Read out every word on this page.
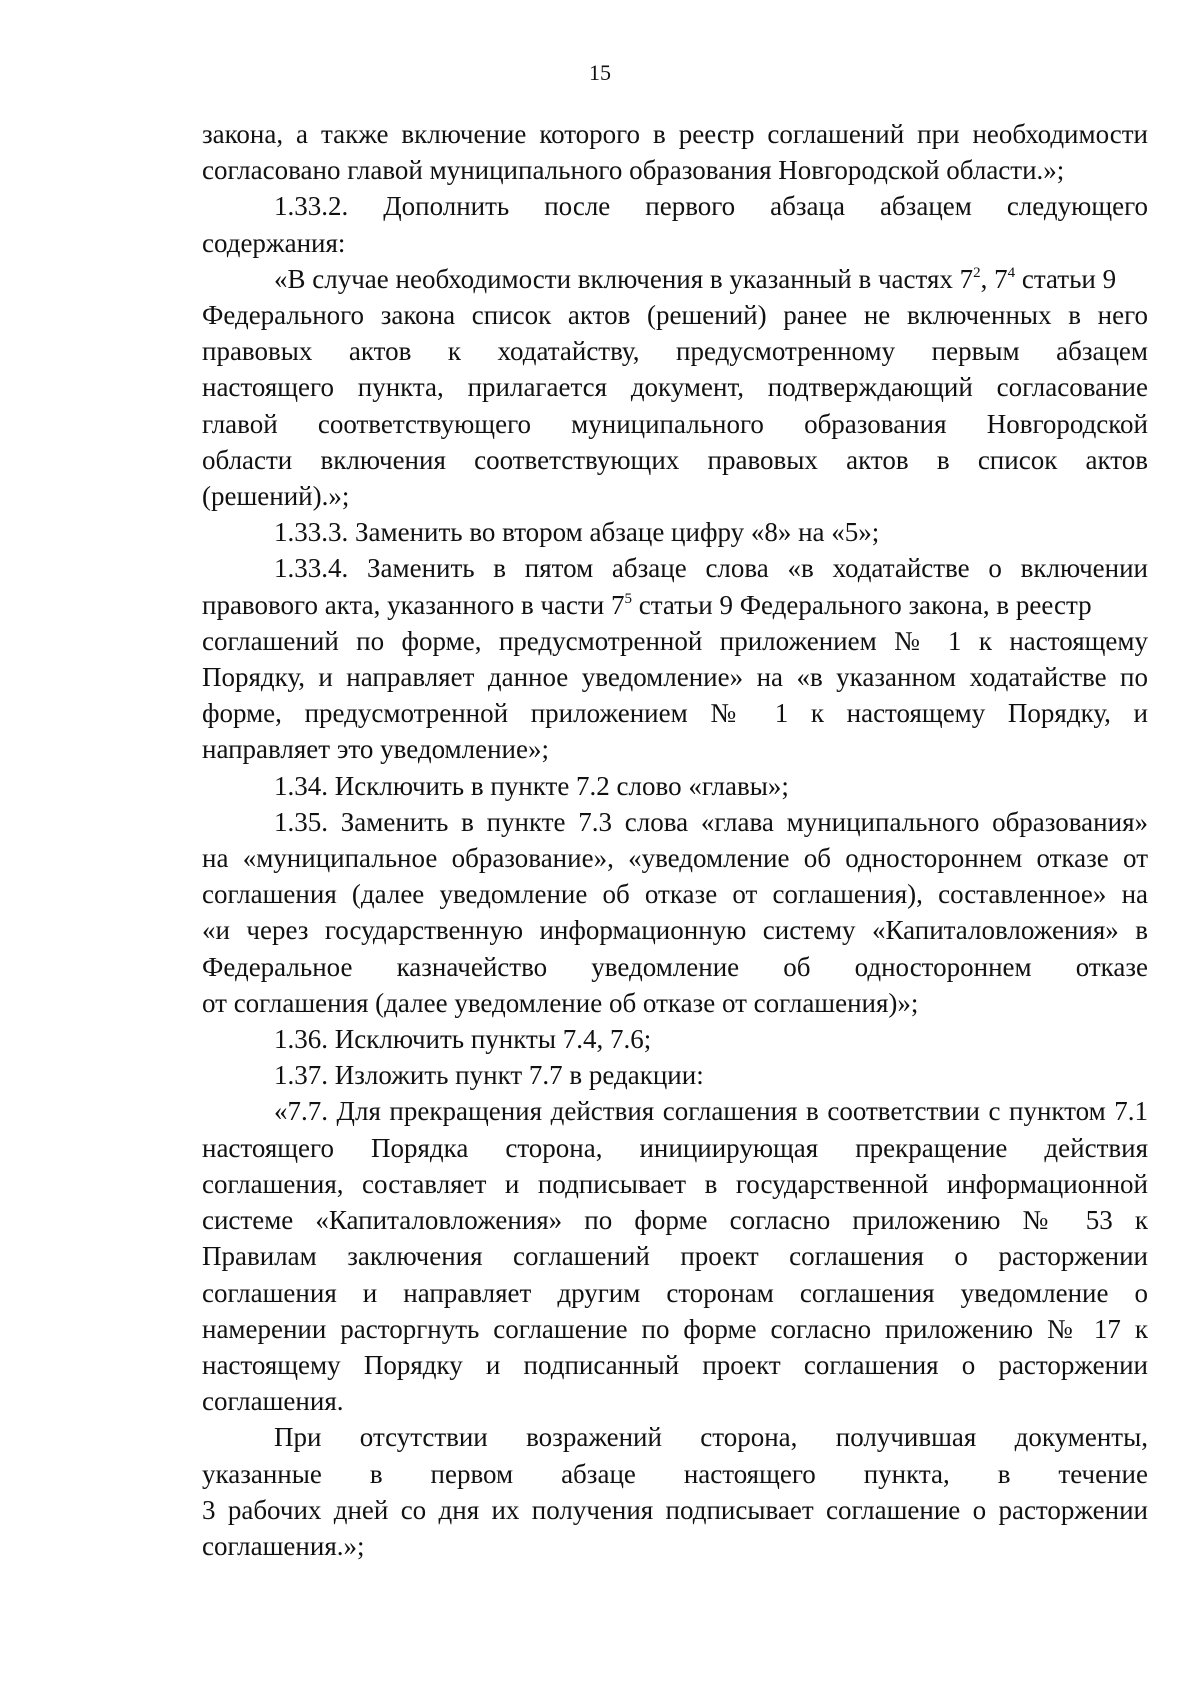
15
закона, а также включение которого в реестр соглашений при необходимости
согласовано главой муниципального образования Новгородской области.»;
1.33.2. Дополнить после первого абзаца абзацем следующего
содержания:
«В случае необходимости включения в указанный в частях $7^2$, $7^4$ статьи 9
Федерального закона список актов (решений) ранее не включенных в него
правовых актов к ходатайству, предусмотренному первым абзацем
настоящего пункта, прилагается документ, подтверждающий согласование
главой соответствующего муниципального образования Новгородской
области включения соответствующих правовых актов в список актов
(решений).»;
1.33.3. Заменить во втором абзаце цифру «8» на «5»;
1.33.4. Заменить в пятом абзаце слова «в ходатайстве о включении
правового акта, указанного в части $7^5$ статьи 9 Федерального закона, в реестр
соглашений по форме, предусмотренной приложением № 1 к настоящему
Порядку, и направляет данное уведомление» на «в указанном ходатайстве по
форме, предусмотренной приложением № 1 к настоящему Порядку, и
направляет это уведомление»;
1.34. Исключить в пункте 7.2 слово «главы»;
1.35. Заменить в пункте 7.3 слова «глава муниципального образования»
на «муниципальное образование», «уведомление об одностороннем отказе от
соглашения (далее уведомление об отказе от соглашения), составленное» на
«и через государственную информационную систему «Капиталовложения» в
Федеральное казначейство уведомление об одностороннем отказе
от соглашения (далее уведомление об отказе от соглашения)»;
1.36. Исключить пункты 7.4, 7.6;
1.37. Изложить пункт 7.7 в редакции:
«7.7. Для прекращения действия соглашения в соответствии с пунктом 7.1
настоящего Порядка сторона, инициирующая прекращение действия
соглашения, составляет и подписывает в государственной информационной
системе «Капиталовложения» по форме согласно приложению № 53 к
Правилам заключения соглашений проект соглашения о расторжении
соглашения и направляет другим сторонам соглашения уведомление о
намерении расторгнуть соглашение по форме согласно приложению № 17 к
настоящему Порядку и подписанный проект соглашения о расторжении
соглашения.
При отсутствии возражений сторона, получившая документы,
указанные в первом абзаце настоящего пункта, в течение
3 рабочих дней со дня их получения подписывает соглашение о расторжении
соглашения.»;
